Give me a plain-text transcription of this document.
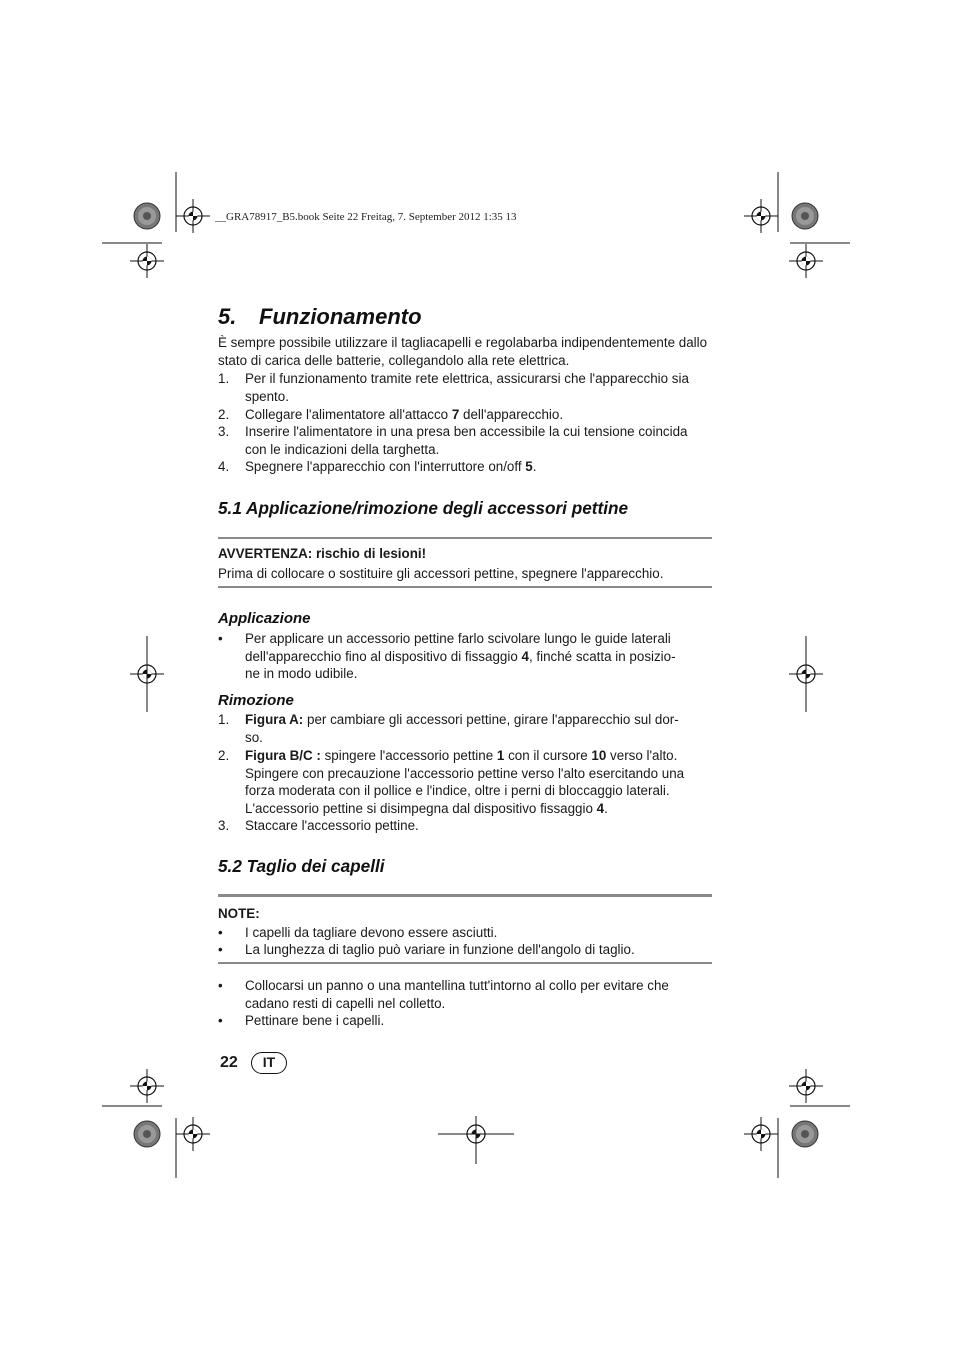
__GRA78917_B5.book Seite 22 Freitag, 7. September 2012 1:35 13
5. Funzionamento

È sempre possibile utilizzare il tagliacapelli e regolabarba indipendentemente dallo stato di carica delle batterie, collegandolo alla rete elettrica.

1. Per il funzionamento tramite rete elettrica, assicurarsi che l'apparecchio sia spento.
2. Collegare l'alimentatore all'attacco 7 dell'apparecchio.
3. Inserire l'alimentatore in una presa ben accessibile la cui tensione coincida con le indicazioni della targhetta.
4. Spegnere l'apparecchio con l'interruttore on/off 5.
5.1 Applicazione/rimozione degli accessori pettine
AVVERTENZA: rischio di lesioni!

Prima di collocare o sostituire gli accessori pettine, spegnere l'apparecchio.

Applicazione
• Per applicare un accessorio pettine farlo scivolare lungo le guide laterali
dell'apparecchio fino al dispositivo di fissaggio 4, finché scatta in posizio-
ne in modo udibile.
Rimozione
1. Figura A: per cambiare gli accessori pettine, girare l'apparecchio sul dor-
so.
2. Figura B/C : spingere l'accessorio pettine 1 con il cursore 10 verso l'alto.
Spingere con precauzione l'accessorio pettine verso l'alto esercitando una
forza moderata con il pollice e l'indice, oltre i perni di bloccaggio laterali.
L'accessorio pettine si disimpegna dal dispositivo fissaggio 4.
3. Staccare l'accessorio pettine.
5.2 Taglio dei capelli
NOTE:
• I capelli da tagliare devono essere asciutti.
• La lunghezza di taglio può variare in funzione dell'angolo di taglio.
• Collocarsi un panno o una mantellina tutt'intorno al collo per evitare che cadano resti di capelli nel colletto.
• Pettinare bene i capelli.
22	IT
